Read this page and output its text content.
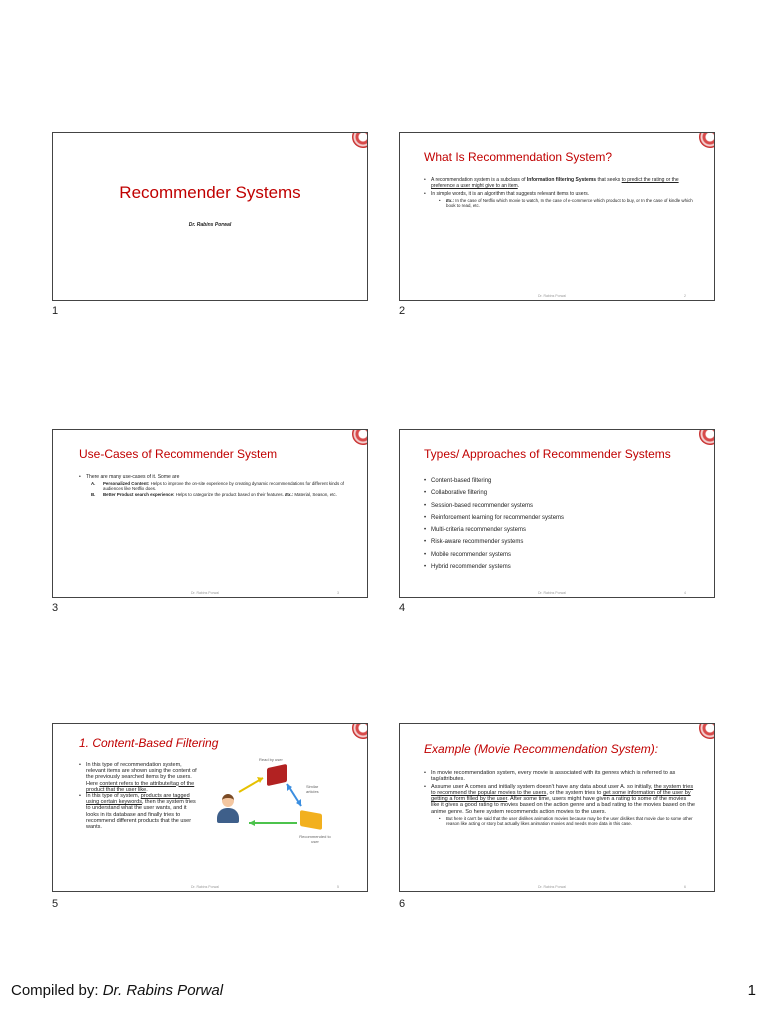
Recommender Systems
Dr. Rabins Porwal
1
What Is Recommendation System?
• A recommendation system is a subclass of Information filtering Systems that seeks to predict the rating or the preference a user might give to an item.
• In simple words, it is an algorithm that suggests relevant items to users.
• Ex.: In the case of Netflix which movie to watch, In the case of e-commerce which product to buy, or In the case of kindle which book to read, etc.
Dr. Rabins Porwal	2
2
Use-Cases of Recommender System
• There are many use-cases of it. Some are
A. Personalized Content: Helps to improve the on-site experience by creating dynamic recommendations for different kinds of audiences like Netflix does.
B. Better Product search experience: Helps to categorize the product based on their features. Ex.: Material, Season, etc.
Dr. Rabins Porwal	3
3
Types/ Approaches of Recommender Systems
• Content-based filtering
• Collaborative filtering
• Session-based recommender systems
• Reinforcement learning for recommender systems
• Multi-criteria recommender systems
• Risk-aware recommender systems
• Mobile recommender systems
• Hybrid recommender systems
Dr. Rabins Porwal	4
4
1. Content-Based Filtering
• In this type of recommendation system, relevant items are shown using the content of the previously searched items by the users. Here content refers to the attribute/tag of the product that the user like.
• In this type of system, products are tagged using certain keywords, then the system tries to understand what the user wants, and it looks in its database and finally tries to recommend different products that the user wants.
Read by user
Similar articles
Recommended to user
Dr. Rabins Porwal	5
5
Example (Movie Recommendation System):
• In movie recommendation system, every movie is associated with its genres which is referred to as tag/attributes.
• Assume user A comes and initially system doesn't have any data about user A. so initially, the system tries to recommend the popular movies to the users, or the system tries to get some information of the user by getting a form filled by the user. After some time, users might have given a rating to some of the movies like it gives a good rating to movies based on the action genre and a bad rating to the movies based on the anime genre. So here system recommends action movies to the users.
• But here it can't be said that the user dislikes animation movies because may be the user dislikes that movie due to some other reason like acting or story but actually likes animation movies and needs more data in this case.
Dr. Rabins Porwal	6
6
Compiled by: Dr. Rabins Porwal	1
